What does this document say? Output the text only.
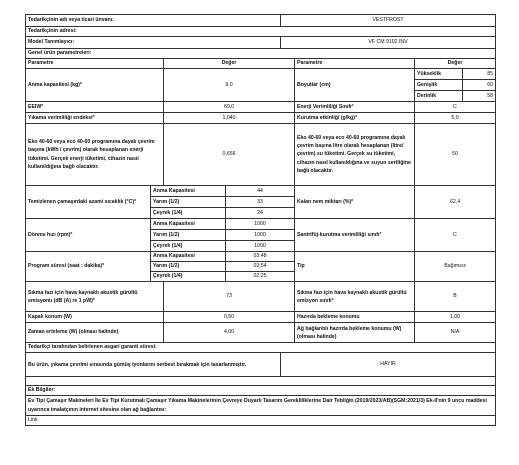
Tedarikçinin adı veya ticari ünvanı:				VESTFROST			
Tedarikçinin adresi:							
Model Tanımlayıcı:				VF CM 9102 INV			
Genel ürün parametreleri:							
Parametre		Değer			Parametre	Değer	
Anma kapasitesi (kg)ª		9,0			Boyutlar (cm)	Yükseklik	85
						Genişlik	60
						Derinlik	58
EEIWª		69,0			Enerji Verimliliği Sınıfıª	C	
Yıkama verimliliği endeksiª		1,040			Kurutma etkinliği (g/kg)ª	5,0	
Eko 40-60 veya eco 40-60 programına dayalı çevrim başına (kWh / çevrim) olarak hesaplanan enerji tüketimi. Gerçek enerji tüketimi, cihazın nasıl kullanıldığına bağlı olacaktır.		0,656			Eko 40-60 veya eco 40-60 programına dayalı çevrim başına litre olarak hesaplanan (litre/çevrim) su tüketimi. Gerçek su tüketimi, cihazın nasıl kullanıldığına ve suyun sertliğine bağlı olacaktır.	50	
Temizlenen çamaşırdaki azami sıcaklık (°C)ª	Anma Kapasitesi		44		Kalan nem miktarı (%)ª	62,4	
	Yarım (1/2)		33				
	Çeyrek (1/4)		24				
Dönme hızı (rpm)ª	Anma Kapasitesi		1000		Santrifüj-kurutma verimliliği sınıfıª	C	
	Yarım (1/2)		1000				
	Çeyrek (1/4)		1000				
Program süresi (saat : dakika)ª	Anma Kapasitesi		03:48		Tip	Bağımsız	
	Yarım (1/2)		02:54				
	Çeyrek (1/4)		02:25				
Sıkma fazı için hava kaynaklı akustik gürültü emisyonu (dB (A) re 1 pW)ª		73			Sıkma fazı için hava kaynaklı akustik gürültü emisyon sınıfıª	B	
Kapalı konum (W)		0,50			Hazırda bekleme konumu	1,00	
Zaman erteleme (W) (olması halinde)		4,00			Ağ bağlantılı hazırda bekleme konumu (W) (olması halinde)	N/A	
Tedarikçi tarafından belirlenen asgari garanti süresi:							
Bu ürün, yıkama çevrimi sırasında gümüş iyonlarını serbest bırakmak için tasarlanmıştır.				HAYIR			

Ek Bilgiler:							
Ev Tipi Çamaşır Makineleri İle Ev Tipi Kurutmalı Çamaşır Yıkama Makinelerinin Çevreye Duyarlı Tasarım Gerekliliklerine Dair Tebliğin (2019/2023/AB)(SGM:2021/3) Ek-II'nin 9 uncu maddesi uyarınca imalatçının internet sitesine olan ağ bağlantısı:							
Link							
